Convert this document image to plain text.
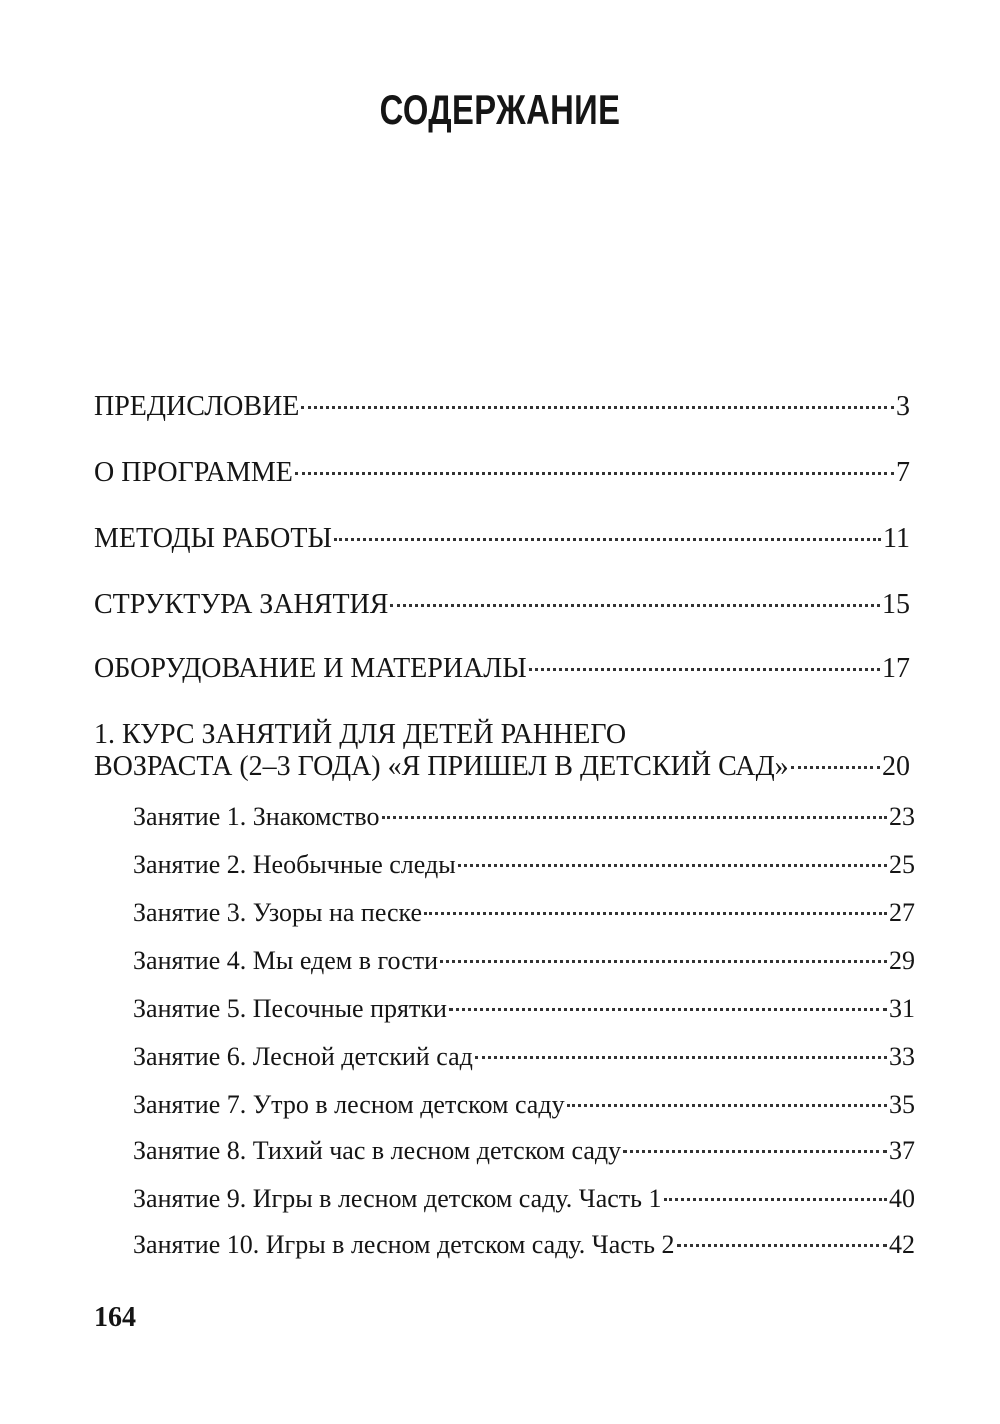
СОДЕРЖАНИЕ
ПРЕДИСЛОВИЕ	3
О ПРОГРАММЕ	7
МЕТОДЫ РАБОТЫ	11
СТРУКТУРА ЗАНЯТИЯ	15
ОБОРУДОВАНИЕ И МАТЕРИАЛЫ	17
1. КУРС ЗАНЯТИЙ ДЛЯ ДЕТЕЙ РАННЕГО
ВОЗРАСТА (2–3 ГОДА) «Я ПРИШЕЛ В ДЕТСКИЙ САД»	20
Занятие 1. Знакомство	23
Занятие 2. Необычные следы	25
Занятие 3. Узоры на песке	27
Занятие 4. Мы едем в гости	29
Занятие 5. Песочные прятки	31
Занятие 6. Лесной детский сад	33
Занятие 7. Утро в лесном детском саду	35
Занятие 8. Тихий час в лесном детском саду	37
Занятие 9. Игры в лесном детском саду. Часть 1	40
Занятие 10. Игры в лесном детском саду. Часть 2	42
164
